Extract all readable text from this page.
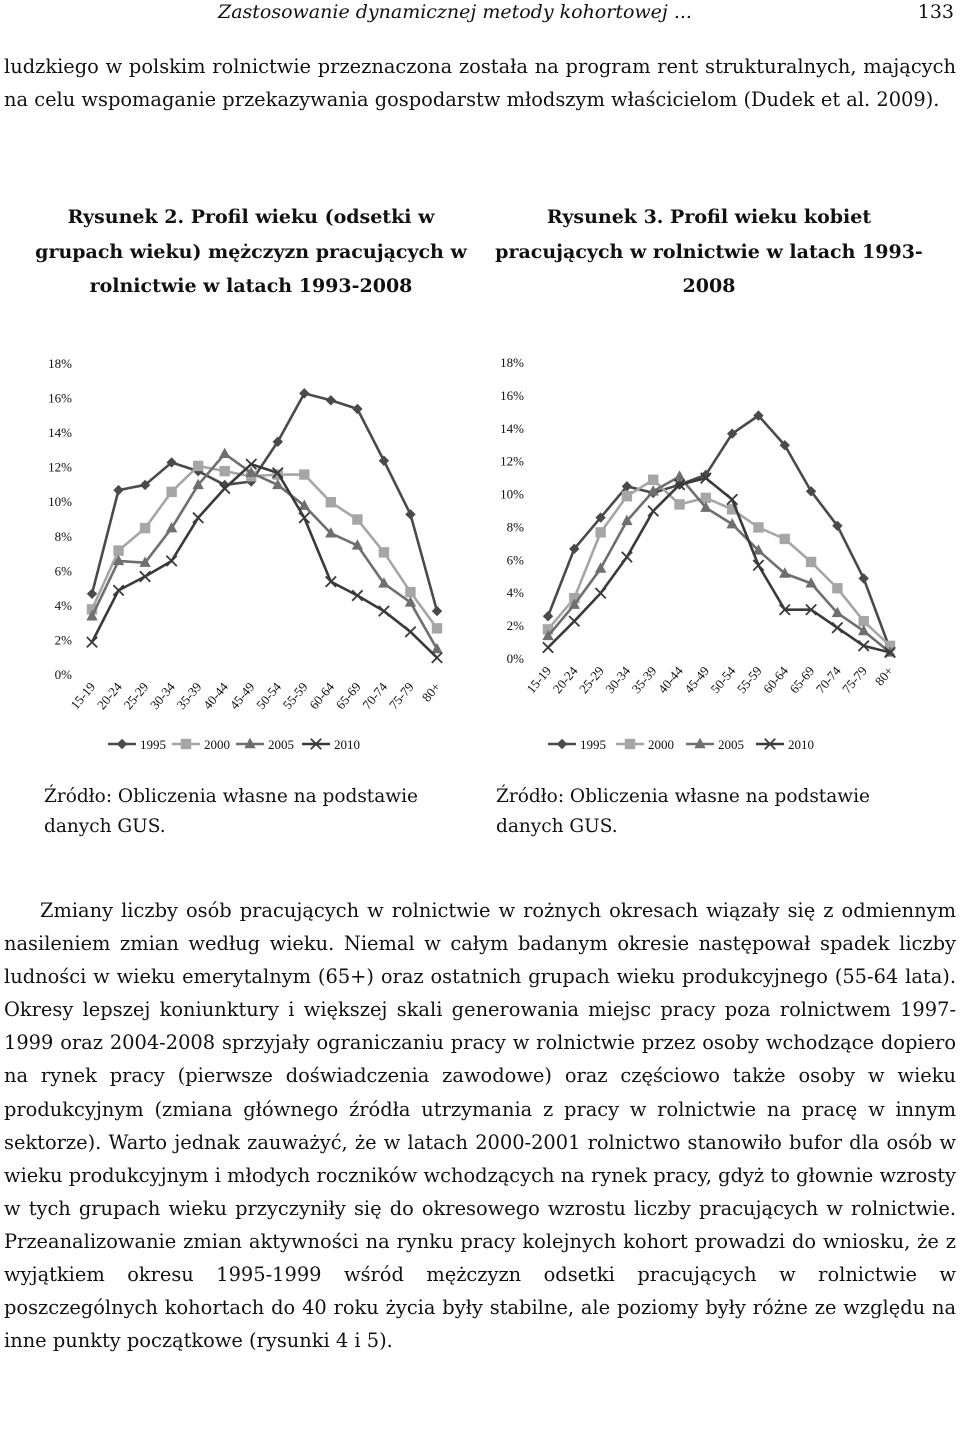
Zastosowanie dynamicznej metody kohortowej ...	133

ludzkiego w polskim rolnictwie przeznaczona została na program rent strukturalnych, mających na celu wspomaganie przekazywania gospodarstw młodszym właścicielom (Dudek et al. 2009).

Rysunek 2. Profil wieku (odsetki w grupach wieku) mężczyzn pracujących w rolnictwie w latach 1993-2008
Rysunek 3. Profil wieku kobiet pracujących w rolnictwie w latach 1993-2008
0%
2%
4%
6%
8%
10%
12%
14%
16%
18%
15-19
20-24
25-29
30-34
35-39
40-44
45-49
50-54
55-59
60-64
65-69
70-74
75-79 80+
1995	2000	2005	2010
0%
2%
4%
6%
8%
10%
12%
14%
16%
18%
15-19
20-24
25-29
30-34
35-39
40-44
45-49
50-54
55-59
60-64
65-69
70-74
75-79 80+
1995	2000	2005	2010
Źródło: Obliczenia własne na podstawie danych GUS.
Źródło: Obliczenia własne na podstawie danych GUS.

Zmiany liczby osób pracujących w rolnictwie w rożnych okresach wiązały się z odmiennym nasileniem zmian według wieku. Niemal w całym badanym okresie następował spadek liczby ludności w wieku emerytalnym (65+) oraz ostatnich grupach wieku produkcyjnego (55-64 lata). Okresy lepszej koniunktury i większej skali generowania miejsc pracy poza rolnictwem 1997-1999 oraz 2004-2008 sprzyjały ograniczaniu pracy w rolnictwie przez osoby wchodzące dopiero na rynek pracy (pierwsze doświadczenia zawodowe) oraz częściowo także osoby w wieku produkcyjnym (zmiana głównego źródła utrzymania z pracy w rolnictwie na pracę w innym sektorze). Warto jednak zauważyć, że w latach 2000-2001 rolnictwo stanowiło bufor dla osób w wieku produkcyjnym i młodych roczników wchodzących na rynek pracy, gdyż to głownie wzrosty w tych grupach wieku przyczyniły się do okresowego wzrostu liczby pracujących w rolnictwie. Przeanalizowanie zmian aktywności na rynku pracy kolejnych kohort prowadzi do wniosku, że z wyjątkiem okresu 1995-1999 wśród mężczyzn odsetki pracujących w rolnictwie w poszczególnych kohortach do 40 roku życia były stabilne, ale poziomy były różne ze względu na inne punkty początkowe (rysunki 4 i 5).
